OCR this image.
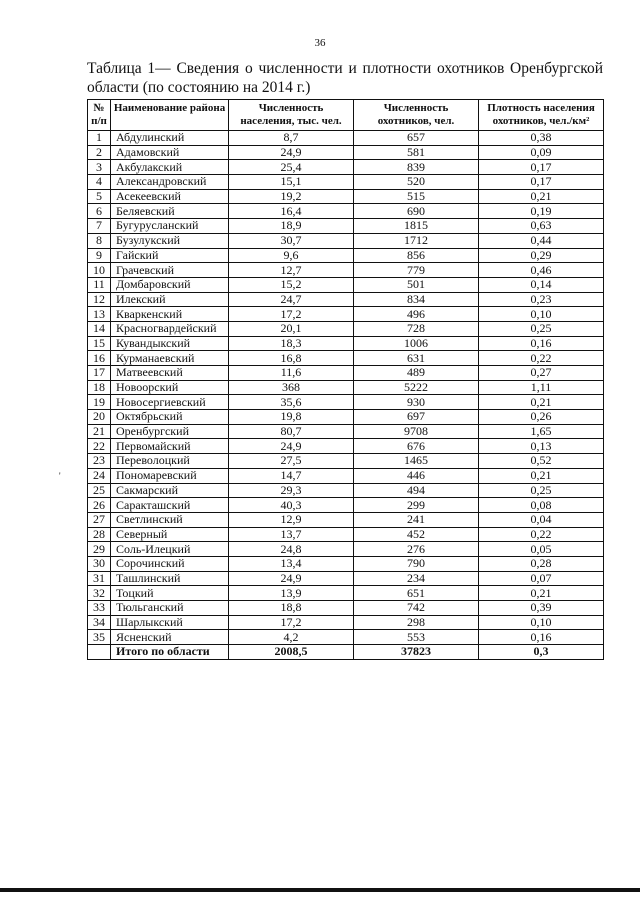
36
Таблица 1— Сведения о численности и плотности охотников Оренбургской области (по состоянию на 2014 г.)
'
№ п/п	Наименование района	Численность населения, тыс. чел.	Численность охотников, чел.	Плотность населения охотников, чел./км²
1	Абдулинский	8,7	657	0,38
2	Адамовский	24,9	581	0,09
3	Акбулакский	25,4	839	0,17
4	Александровский	15,1	520	0,17
5	Асекеевский	19,2	515	0,21
6	Беляевский	16,4	690	0,19
7	Бугурусланский	18,9	1815	0,63
8	Бузулукский	30,7	1712	0,44
9	Гайский	9,6	856	0,29
10	Грачевский	12,7	779	0,46
11	Домбаровский	15,2	501	0,14
12	Илекский	24,7	834	0,23
13	Кваркенский	17,2	496	0,10
14	Красногвардейский	20,1	728	0,25
15	Кувандыкский	18,3	1006	0,16
16	Курманаевский	16,8	631	0,22
17	Матвеевский	11,6	489	0,27
18	Новоорский	368	5222	1,11
19	Новосергиевский	35,6	930	0,21
20	Октябрьский	19,8	697	0,26
21	Оренбургский	80,7	9708	1,65
22	Первомайский	24,9	676	0,13
23	Переволоцкий	27,5	1465	0,52
24	Пономаревский	14,7	446	0,21
25	Сакмарский	29,3	494	0,25
26	Саракташский	40,3	299	0,08
27	Светлинский	12,9	241	0,04
28	Северный	13,7	452	0,22
29	Соль-Илецкий	24,8	276	0,05
30	Сорочинский	13,4	790	0,28
31	Ташлинский	24,9	234	0,07
32	Тоцкий	13,9	651	0,21
33	Тюльганский	18,8	742	0,39
34	Шарлыкский	17,2	298	0,10
35	Ясненский	4,2	553	0,16
	Итого по области	2008,5	37823	0,3
